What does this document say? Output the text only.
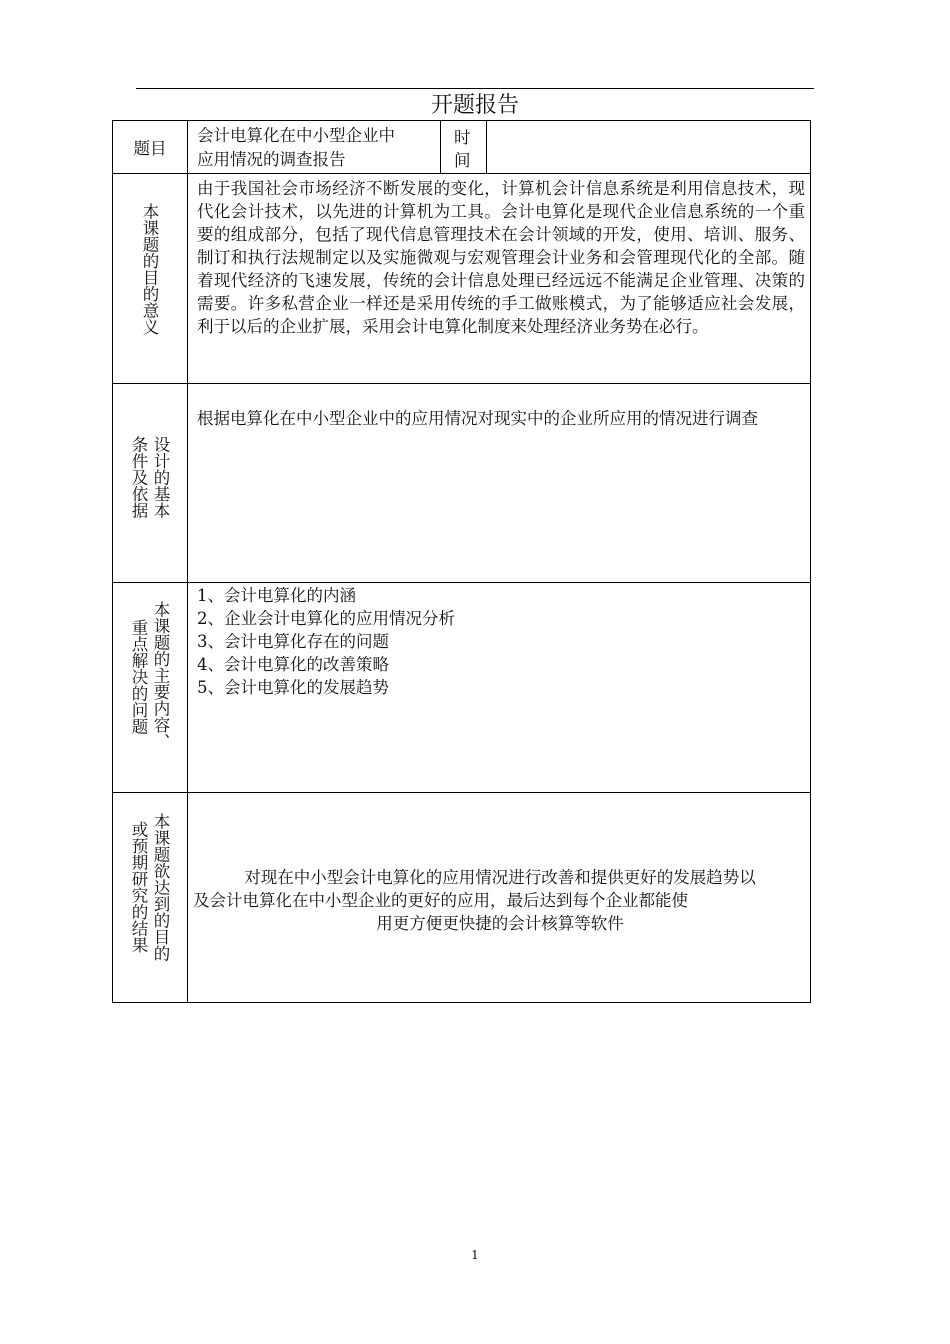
开题报告
题目
会计电算化在中小型企业中
应用情况的调查报告
时
间
本课题的目的意义
由于我国社会市场经济不断发展的变化，计算机会计信息系统是利用信息技术，现代化会计技术，以先进的计算机为工具。会计电算化是现代企业信息系统的一个重要的组成部分，包括了现代信息管理技术在会计领域的开发，使用、培训、服务、制订和执行法规制定以及实施微观与宏观管理会计业务和会管理现代化的全部。随着现代经济的飞速发展，传统的会计信息处理已经远远不能满足企业管理、决策的需要。许多私营企业一样还是采用传统的手工做账模式，为了能够适应社会发展，利于以后的企业扩展，采用会计电算化制度来处理经济业务势在必行。
设计的基本
条件及依据
根据电算化在中小型企业中的应用情况对现实中的企业所应用的情况进行调查
本课题的主要内容、
重点解决的问题
1、会计电算化的内涵
2、企业会计电算化的应用情况分析
3、会计电算化存在的问题
4、会计电算化的改善策略
5、会计电算化的发展趋势
本课题欲达到的目的
或预期研究的结果	对现在中小型会计电算化的应用情况进行改善和提供更好的发展趋势以
及会计电算化在中小型企业的更好的应用，最后达到每个企业都能使
用更方便更快捷的会计核算等软件
1
